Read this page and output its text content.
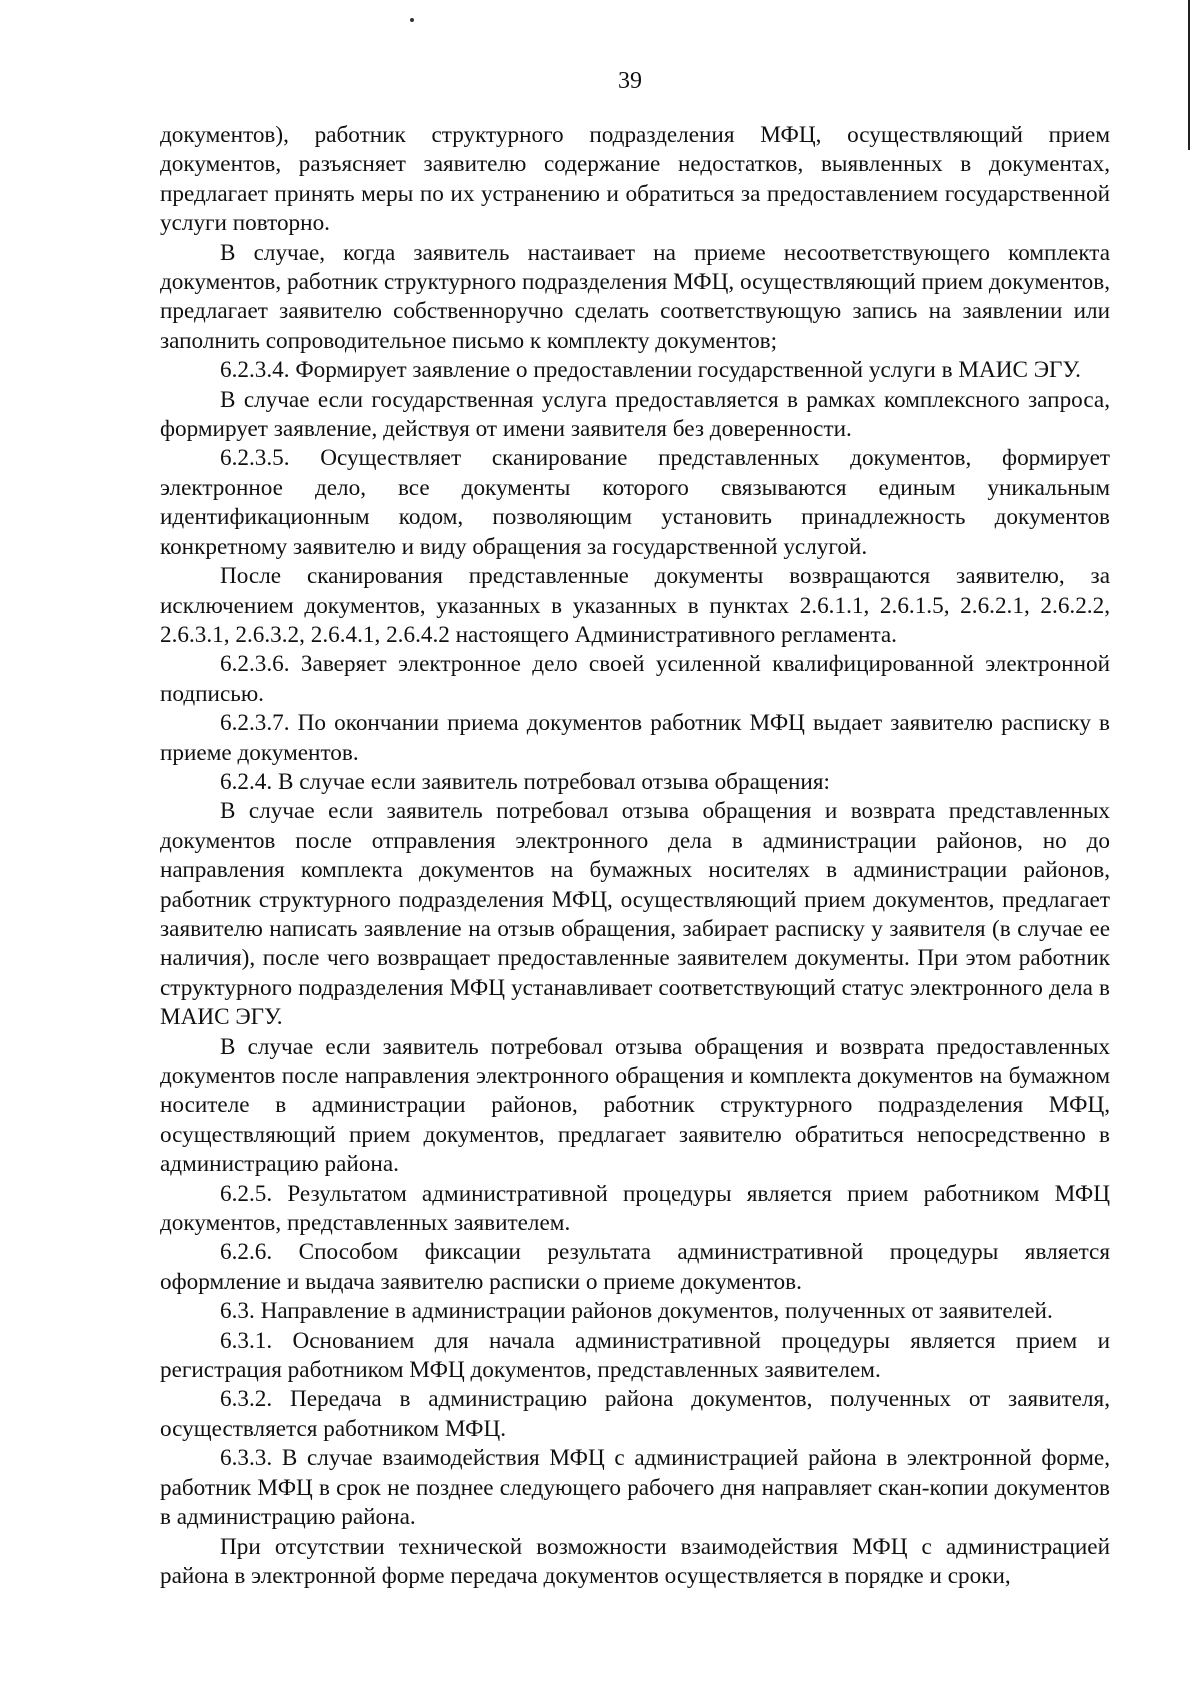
39

документов), работник структурного подразделения МФЦ, осуществляющий прием документов, разъясняет заявителю содержание недостатков, выявленных в документах, предлагает принять меры по их устранению и обратиться за предоставлением государственной услуги повторно.

В случае, когда заявитель настаивает на приеме несоответствующего комплекта документов, работник структурного подразделения МФЦ, осуществляющий прием документов, предлагает заявителю собственноручно сделать соответствующую запись на заявлении или заполнить сопроводительное письмо к комплекту документов;

6.2.3.4. Формирует заявление о предоставлении государственной услуги в МАИС ЭГУ.

В случае если государственная услуга предоставляется в рамках комплексного запроса, формирует заявление, действуя от имени заявителя без доверенности.

6.2.3.5. Осуществляет сканирование представленных документов, формирует электронное дело, все документы которого связываются единым уникальным идентификационным кодом, позволяющим установить принадлежность документов конкретному заявителю и виду обращения за государственной услугой.

После сканирования представленные документы возвращаются заявителю, за исключением документов, указанных в указанных в пунктах 2.6.1.1, 2.6.1.5, 2.6.2.1, 2.6.2.2, 2.6.3.1, 2.6.3.2, 2.6.4.1, 2.6.4.2 настоящего Административного регламента.

6.2.3.6. Заверяет электронное дело своей усиленной квалифицированной электронной подписью.

6.2.3.7. По окончании приема документов работник МФЦ выдает заявителю расписку в приеме документов.

6.2.4. В случае если заявитель потребовал отзыва обращения:

В случае если заявитель потребовал отзыва обращения и возврата представленных документов после отправления электронного дела в администрации районов, но до направления комплекта документов на бумажных носителях в администрации районов, работник структурного подразделения МФЦ, осуществляющий прием документов, предлагает заявителю написать заявление на отзыв обращения, забирает расписку у заявителя (в случае ее наличия), после чего возвращает предоставленные заявителем документы. При этом работник структурного подразделения МФЦ устанавливает соответствующий статус электронного дела в МАИС ЭГУ.

В случае если заявитель потребовал отзыва обращения и возврата предоставленных документов после направления электронного обращения и комплекта документов на бумажном носителе в администрации районов, работник структурного подразделения МФЦ, осуществляющий прием документов, предлагает заявителю обратиться непосредственно в администрацию района.

6.2.5. Результатом административной процедуры является прием работником МФЦ документов, представленных заявителем.

6.2.6. Способом фиксации результата административной процедуры является оформление и выдача заявителю расписки о приеме документов.

6.3. Направление в администрации районов документов, полученных от заявителей.

6.3.1. Основанием для начала административной процедуры является прием и регистрация работником МФЦ документов, представленных заявителем.

6.3.2. Передача в администрацию района документов, полученных от заявителя, осуществляется работником МФЦ.

6.3.3. В случае взаимодействия МФЦ с администрацией района в электронной форме, работник МФЦ в срок не позднее следующего рабочего дня направляет скан-копии документов в администрацию района.

При отсутствии технической возможности взаимодействия МФЦ с администрацией района в электронной форме передача документов осуществляется в порядке и сроки,
